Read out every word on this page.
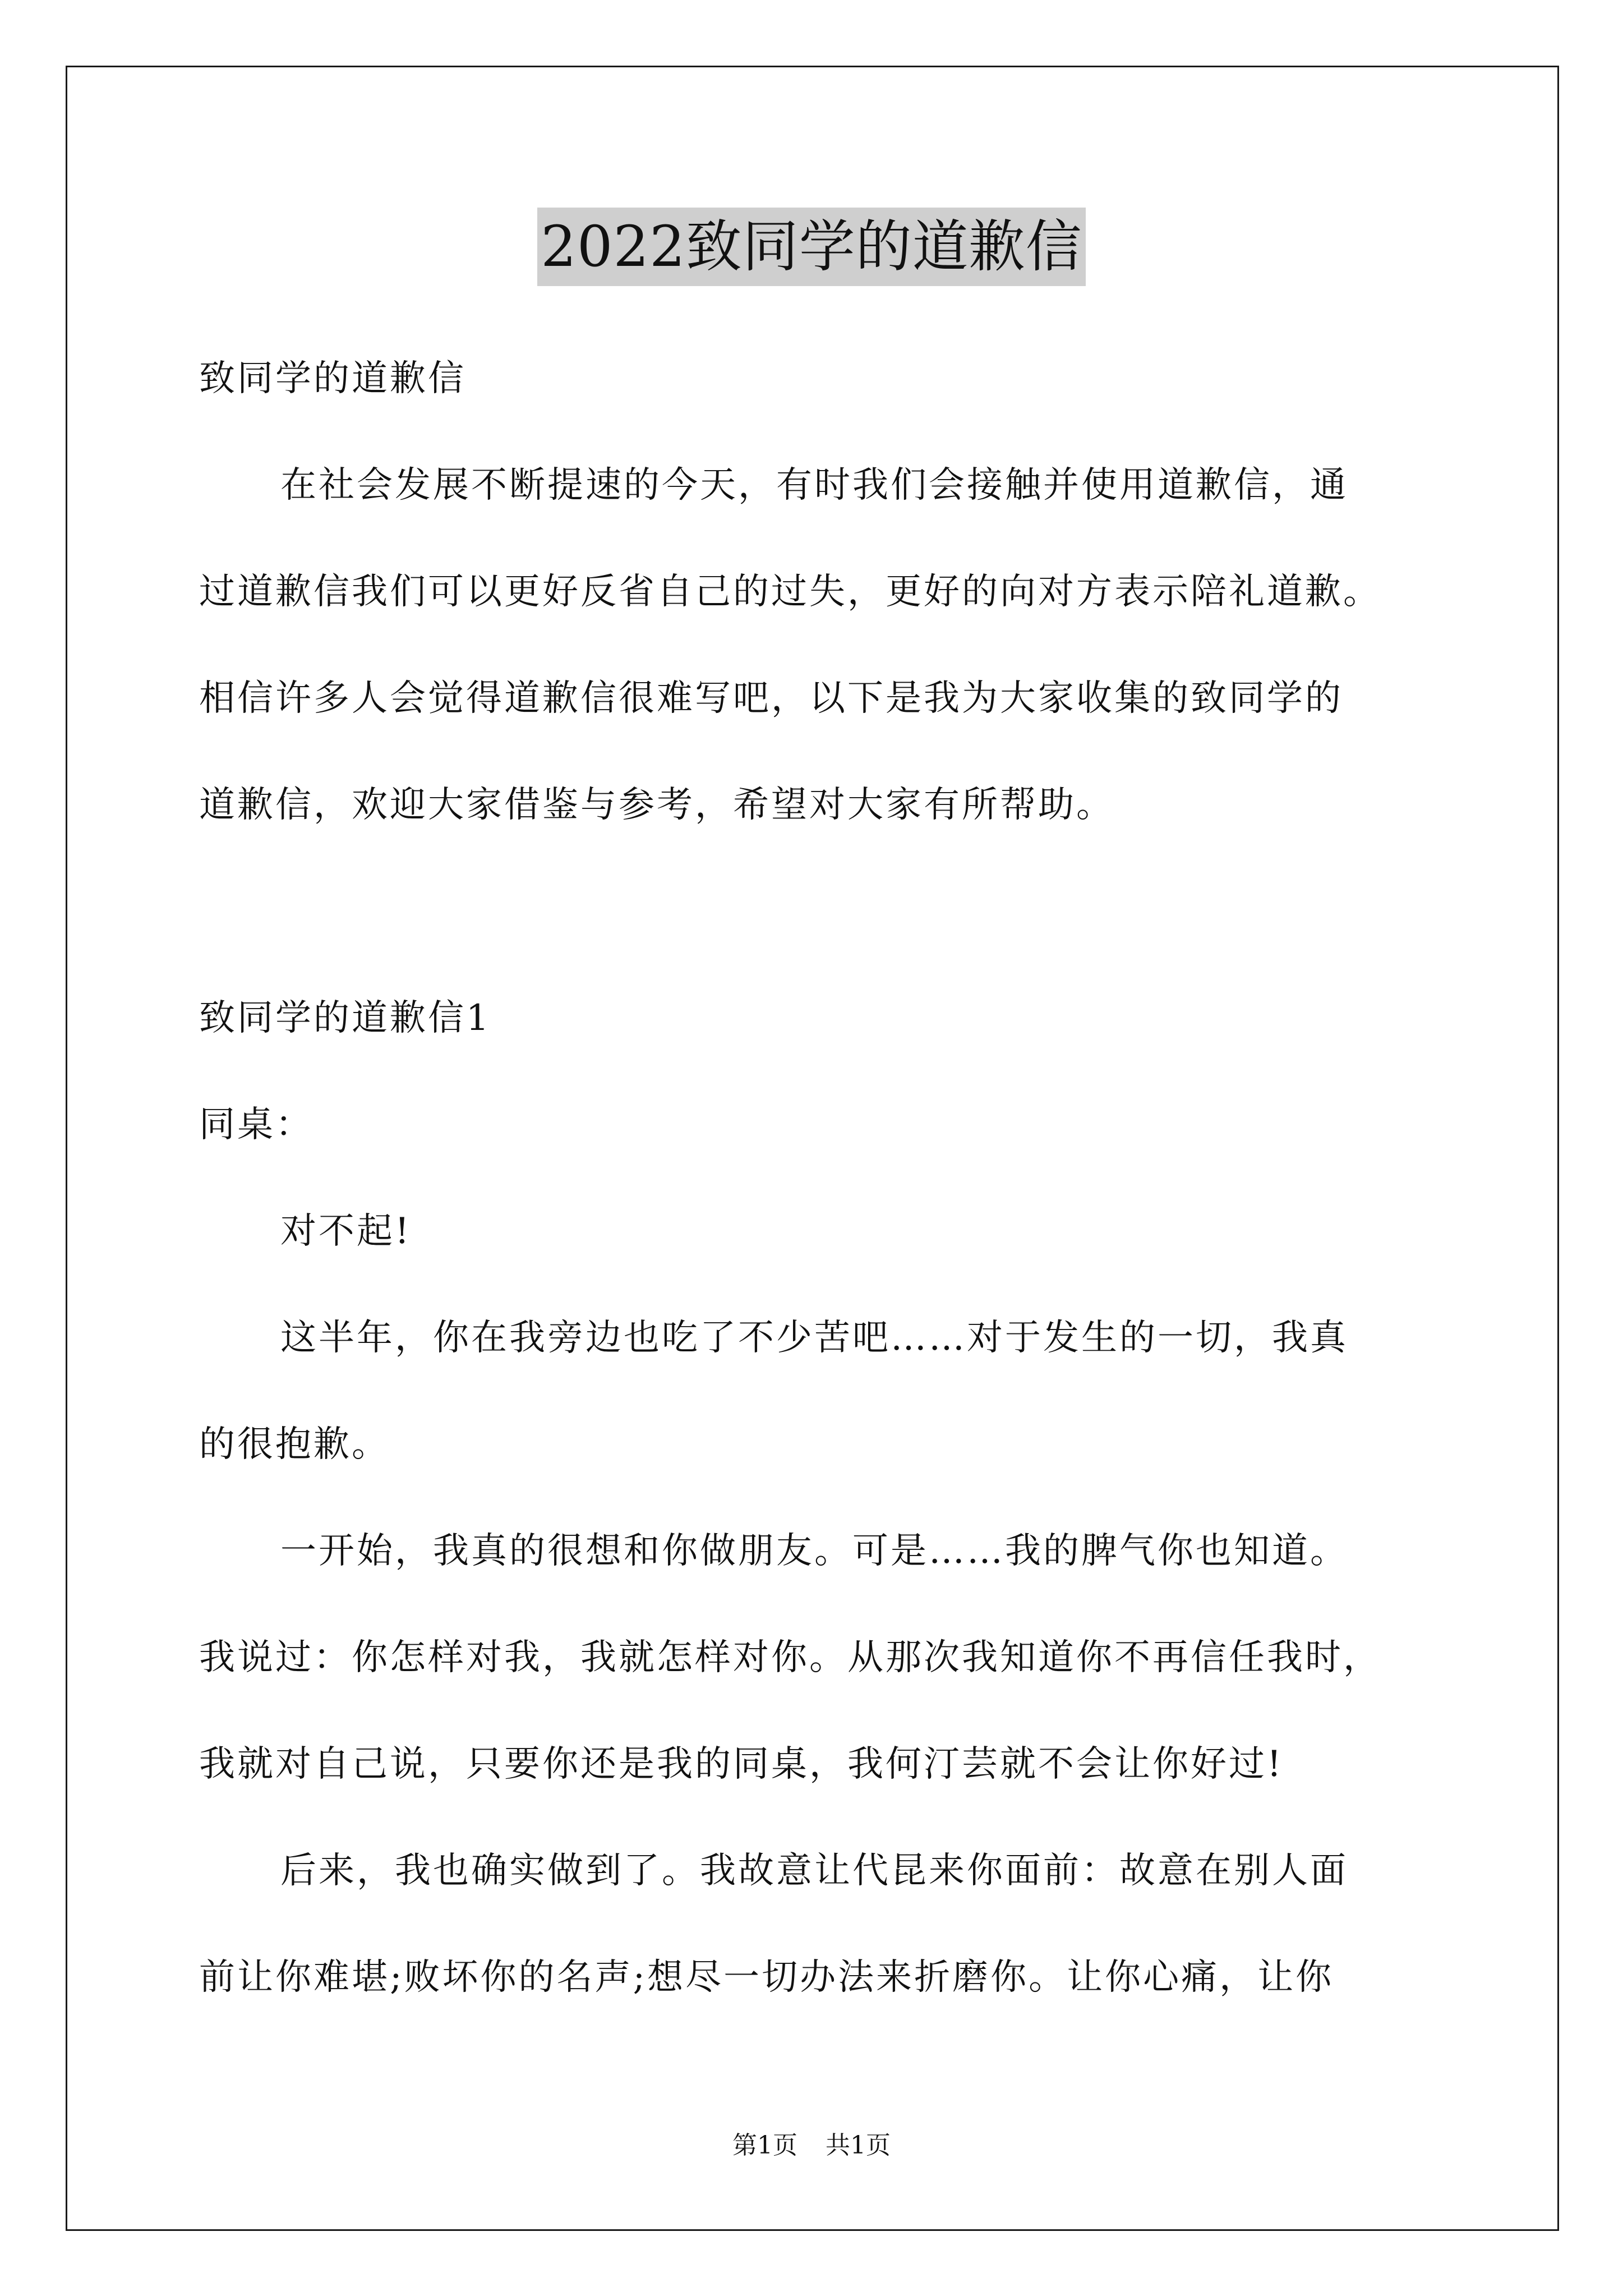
2022致同学的道歉信
致同学的道歉信
在社会发展不断提速的今天，有时我们会接触并使用道歉信，通
过道歉信我们可以更好反省自己的过失，更好的向对方表示陪礼道歉。
相信许多人会觉得道歉信很难写吧，以下是我为大家收集的致同学的
道歉信，欢迎大家借鉴与参考，希望对大家有所帮助。
致同学的道歉信1
同桌：
对不起!
这半年，你在我旁边也吃了不少苦吧……对于发生的一切，我真
的很抱歉。
一开始，我真的很想和你做朋友。可是……我的脾气你也知道。
我说过：你怎样对我，我就怎样对你。从那次我知道你不再信任我时，
我就对自己说，只要你还是我的同桌，我何汀芸就不会让你好过!
后来，我也确实做到了。我故意让代昆来你面前：故意在别人面
前让你难堪;败坏你的名声;想尽一切办法来折磨你。让你心痛，让你
第1页 共1页
